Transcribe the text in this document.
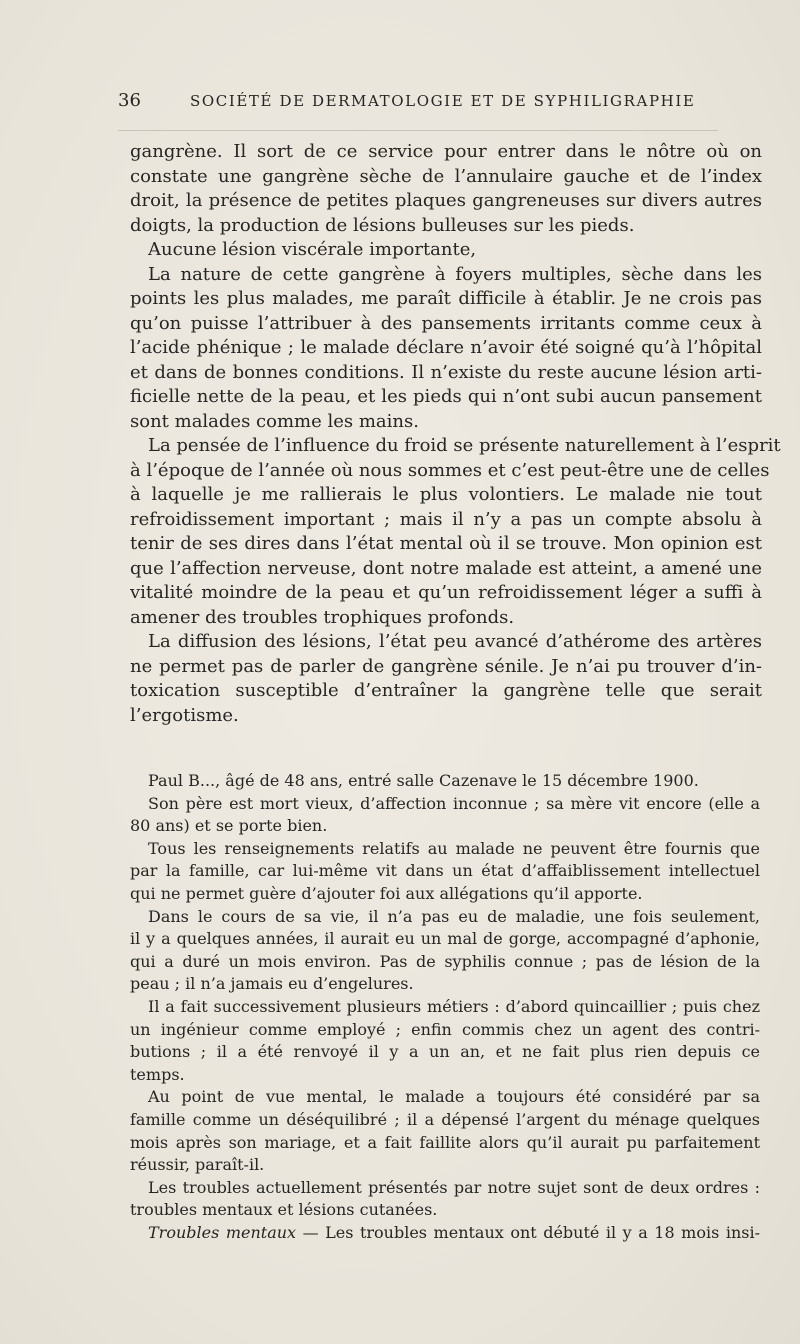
36	SOCIÉTÉ DE DERMATOLOGIE ET DE SYPHILIGRAPHIE
gangrène. Il sort de ce service pour entrer dans le nôtre où on
constate une gangrène sèche de l’annulaire gauche et de l’index
droit, la présence de petites plaques gangreneuses sur divers autres
doigts, la production de lésions bulleuses sur les pieds.
Aucune lésion viscérale importante,
La nature de cette gangrène à foyers multiples, sèche dans les
points les plus malades, me paraît difficile à établir. Je ne crois pas
qu’on puisse l’attribuer à des pansements irritants comme ceux à
l’acide phénique ; le malade déclare n’avoir été soigné qu’à l’hôpital
et dans de bonnes conditions. Il n’existe du reste aucune lésion arti-
ficielle nette de la peau, et les pieds qui n’ont subi aucun pansement
sont malades comme les mains.
La pensée de l’influence du froid se présente naturellement à l’esprit
à l’époque de l’année où nous sommes et c’est peut-être une de celles
à laquelle je me rallierais le plus volontiers. Le malade nie tout
refroidissement important ; mais il n’y a pas un compte absolu à
tenir de ses dires dans l’état mental où il se trouve. Mon opinion est
que l’affection nerveuse, dont notre malade est atteint, a amené une
vitalité moindre de la peau et qu’un refroidissement léger a suffi à
amener des troubles trophiques profonds.
La diffusion des lésions, l’état peu avancé d’athérome des artères
ne permet pas de parler de gangrène sénile. Je n’ai pu trouver d’in-
toxication susceptible d’entraîner la gangrène telle que serait
l’ergotisme.
Paul B..., âgé de 48 ans, entré salle Cazenave le 15 décembre 1900.
Son père est mort vieux, d’affection inconnue ; sa mère vit encore (elle a
80 ans) et se porte bien.
Tous les renseignements relatifs au malade ne peuvent être fournis que
par la famille, car lui-même vit dans un état d’affaiblissement intellectuel
qui ne permet guère d’ajouter foi aux allégations qu’il apporte.
Dans le cours de sa vie, il n’a pas eu de maladie, une fois seulement,
il y a quelques années, il aurait eu un mal de gorge, accompagné d’aphonie,
qui a duré un mois environ. Pas de syphilis connue ; pas de lésion de la
peau ; il n’a jamais eu d’engelures.
Il a fait successivement plusieurs métiers : d’abord quincaillier ; puis chez
un ingénieur comme employé ; enfin commis chez un agent des contri-
butions ; il a été renvoyé il y a un an, et ne fait plus rien depuis ce
temps.
Au point de vue mental, le malade a toujours été considéré par sa
famille comme un déséquilibré ; il a dépensé l’argent du ménage quelques
mois après son mariage, et a fait faillite alors qu’il aurait pu parfaitement
réussir, paraît-il.
Les troubles actuellement présentés par notre sujet sont de deux ordres :
troubles mentaux et lésions cutanées.
Troubles mentaux — Les troubles mentaux ont débuté il y a 18 mois insi-
